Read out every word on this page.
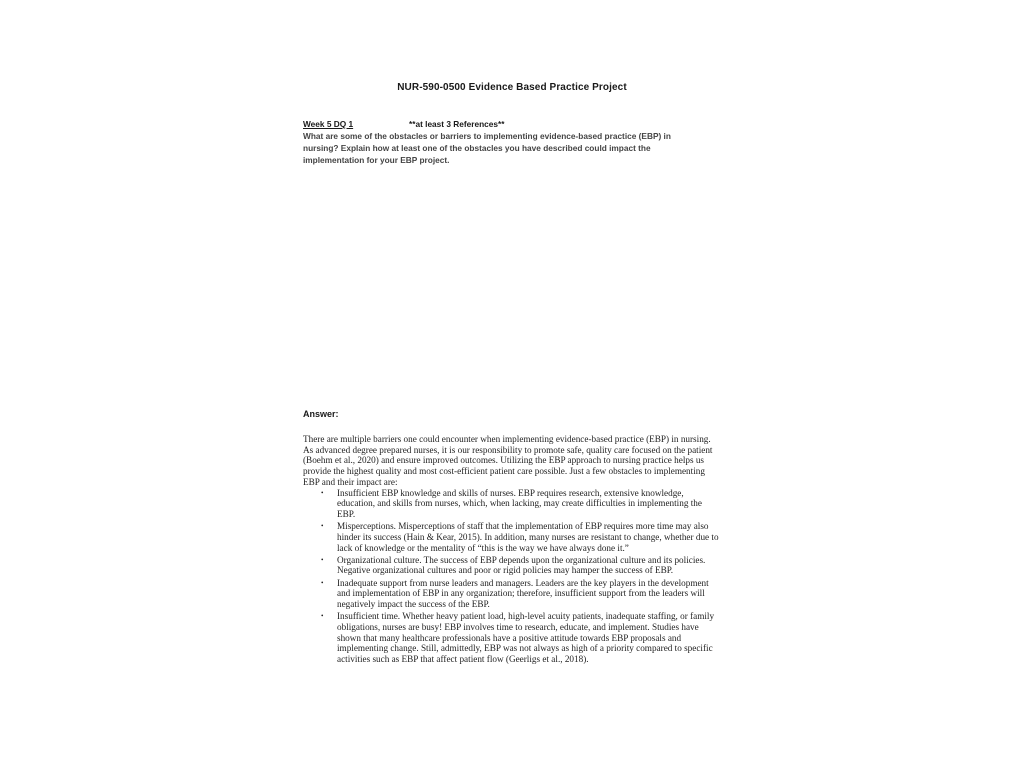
NUR-590-0500 Evidence Based Practice Project
Week 5 DQ 1	**at least 3 References**
What are some of the obstacles or barriers to implementing evidence-based practice (EBP) in nursing? Explain how at least one of the obstacles you have described could impact the implementation for your EBP project.
Answer:

There are multiple barriers one could encounter when implementing evidence-based practice (EBP) in nursing. As advanced degree prepared nurses, it is our responsibility to promote safe, quality care focused on the patient (Boehm et al., 2020) and ensure improved outcomes. Utilizing the EBP approach to nursing practice helps us provide the highest quality and most cost-efficient patient care possible. Just a few obstacles to implementing EBP and their impact are:

• Insufficient EBP knowledge and skills of nurses. EBP requires research, extensive knowledge, education, and skills from nurses, which, when lacking, may create difficulties in implementing the EBP.
• Misperceptions. Misperceptions of staff that the implementation of EBP requires more time may also hinder its success (Hain & Kear, 2015). In addition, many nurses are resistant to change, whether due to lack of knowledge or the mentality of “this is the way we have always done it.”
• Organizational culture. The success of EBP depends upon the organizational culture and its policies. Negative organizational cultures and poor or rigid policies may hamper the success of EBP.
• Inadequate support from nurse leaders and managers. Leaders are the key players in the development and implementation of EBP in any organization; therefore, insufficient support from the leaders will negatively impact the success of the EBP.
• Insufficient time. Whether heavy patient load, high-level acuity patients, inadequate staffing, or family obligations, nurses are busy! EBP involves time to research, educate, and implement. Studies have shown that many healthcare professionals have a positive attitude towards EBP proposals and implementing change. Still, admittedly, EBP was not always as high of a priority compared to specific activities such as EBP that affect patient flow (Geerligs et al., 2018).
